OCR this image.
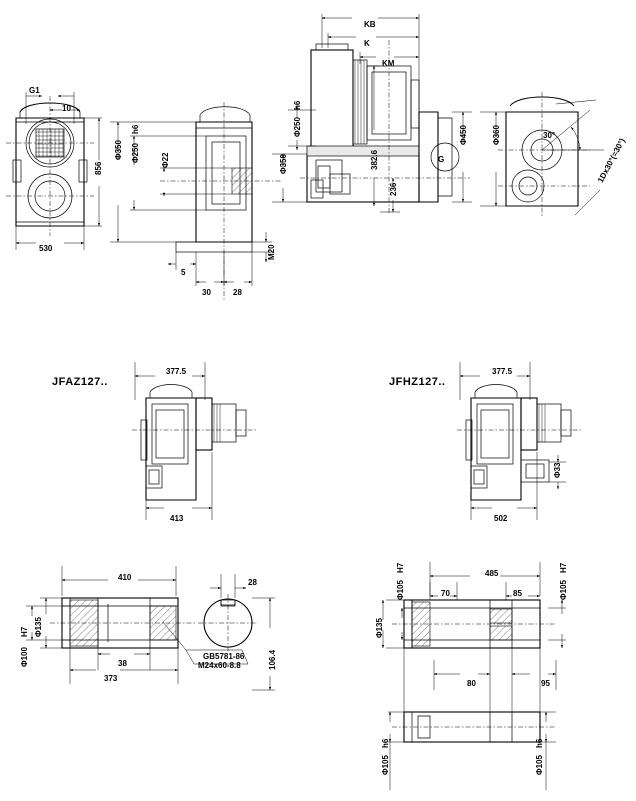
G1
10
856
Φ350
530
Φ250
h6
Φ22
5
30	28
M20
KB
K
KM
Φ250
h6
Φ350	382.6
236
G
Φ450	Φ360	30°
1Dx30°(=30°)
377.5
413
377.5
502
Φ33
410
28
Φ135
Φ100
H7
38
373
GB5781-86
M24x60-8.8	106.4
485
70	85
Φ105
H7
Φ105
H7
Φ135
80	95
Φ105
h6
Φ105
h6
JFAZ127..	JFHZ127..
